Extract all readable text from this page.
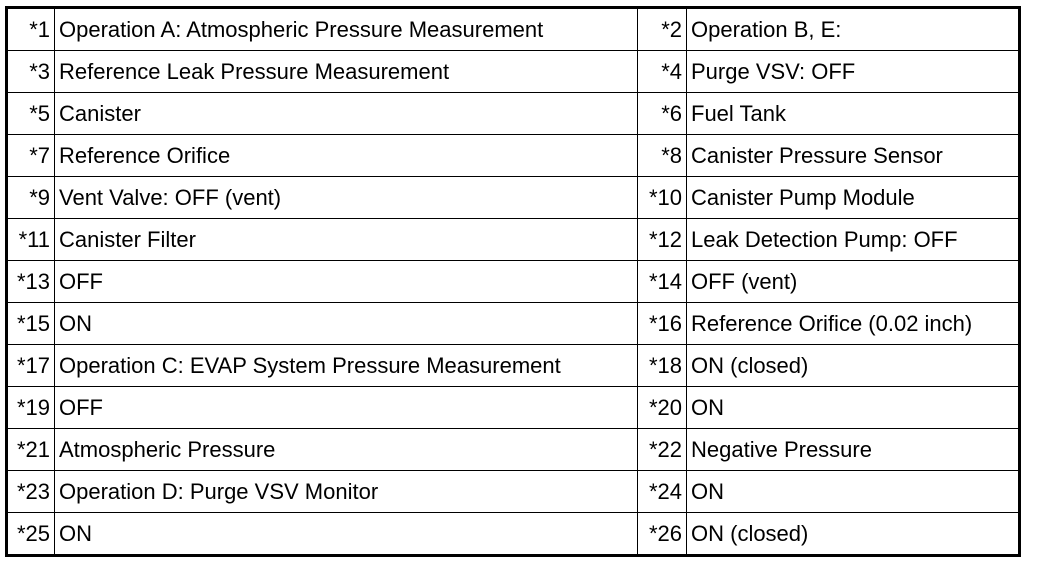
*1	Operation A: Atmospheric Pressure Measurement	*2	Operation B, E:
*3	Reference Leak Pressure Measurement	*4	Purge VSV: OFF
*5	Canister	*6	Fuel Tank
*7	Reference Orifice	*8	Canister Pressure Sensor
*9	Vent Valve: OFF (vent)	*10	Canister Pump Module
*11	Canister Filter	*12	Leak Detection Pump: OFF
*13	OFF	*14	OFF (vent)
*15	ON	*16	Reference Orifice (0.02 inch)
*17	Operation C: EVAP System Pressure Measurement	*18	ON (closed)
*19	OFF	*20	ON
*21	Atmospheric Pressure	*22	Negative Pressure
*23	Operation D: Purge VSV Monitor	*24	ON
*25	ON	*26	ON (closed)
